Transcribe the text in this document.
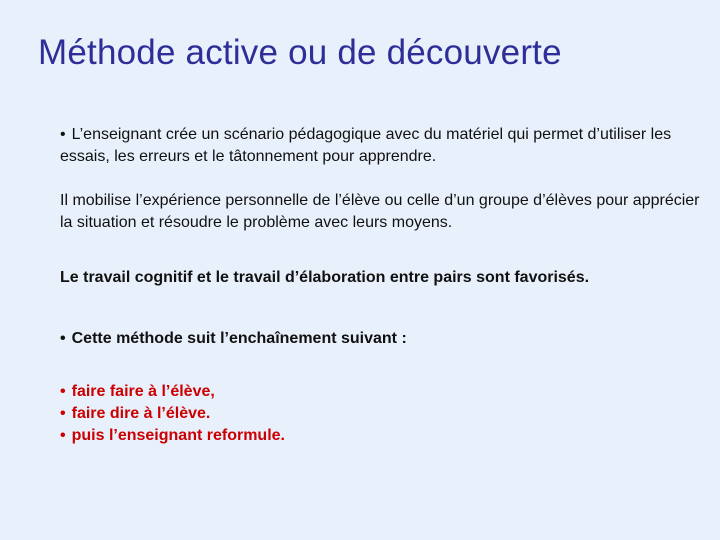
Méthode active ou de découverte

• L’enseignant crée un scénario pédagogique avec du matériel qui permet d’utiliser les essais, les erreurs et le tâtonnement pour apprendre.

Il mobilise l’expérience personnelle de l’élève ou celle d’un groupe d’élèves pour apprécier la situation et résoudre le problème avec leurs moyens.

Le travail cognitif et le travail d’élaboration entre pairs sont favorisés.

• Cette méthode suit l’enchaînement suivant :

• faire faire à l’élève,
• faire dire à l’élève.
• puis l’enseignant reformule.
